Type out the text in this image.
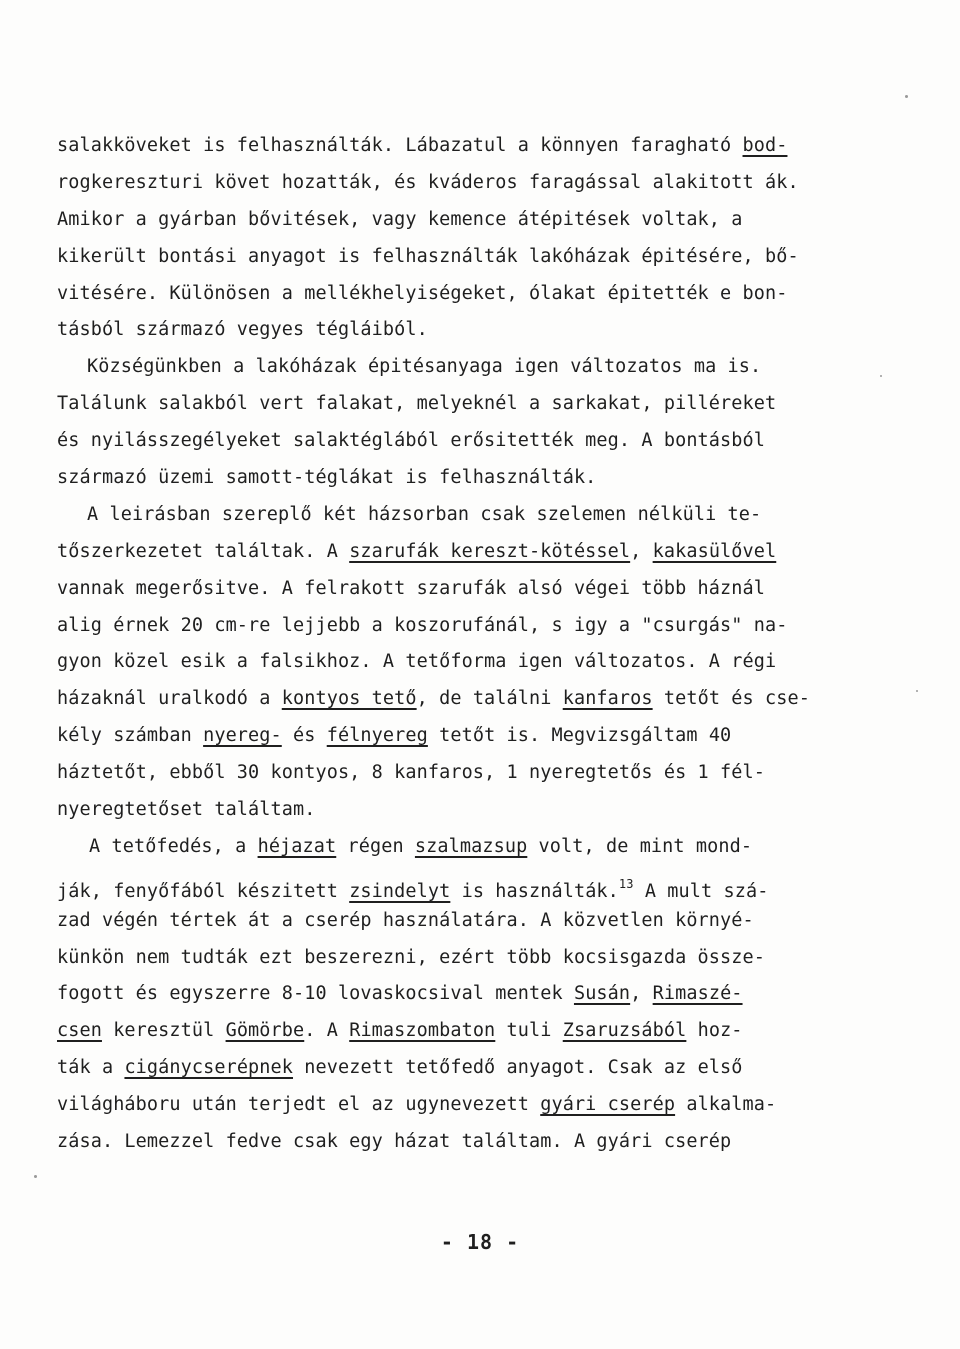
salakköveket is felhasználták. Lábazatul a könnyen faragható bod-
rogkereszturi követ hozatták, és kváderos faragással alakitott ák.
Amikor a gyárban bővitések, vagy kemence átépitések voltak, a
kikerült bontási anyagot is felhasználták lakóházak épitésére, bő-
vitésére. Különösen a mellékhelyiségeket, ólakat épitették e bon-
tásból származó vegyes tégláiból.
Községünkben a lakóházak épitésanyaga igen változatos ma is.
Találunk salakból vert falakat, melyeknél a sarkakat, pilléreket
és nyilásszegélyeket salaktéglából erősitették meg. A bontásból
származó üzemi samott-téglákat is felhasználták.
A leirásban szereplő két házsorban csak szelemen nélküli te-
tőszerkezetet találtak. A szarufák kereszt-kötéssel, kakasülővel
vannak megerősitve. A felrakott szarufák alsó végei több háznál
alig érnek 20 cm-re lejjebb a koszorufánál, s igy a "csurgás" na-
gyon közel esik a falsikhoz. A tetőforma igen változatos. A régi
házaknál uralkodó a kontyos tető, de találni kanfaros tetőt és cse-
kély számban nyereg- és félnyereg tetőt is. Megvizsgáltam 40
háztetőt, ebből 30 kontyos, 8 kanfaros, 1 nyeregtetős és 1 fél-
nyeregtetőset találtam.
A tetőfedés, a héjazat régen szalmazsup volt, de mint mond-
ják, fenyőfából készitett zsindelyt is használták.$^{13}$ A mult szá-
zad végén tértek át a cserép használatára. A közvetlen környé-
künkön nem tudták ezt beszerezni, ezért több kocsisgazda össze-
fogott és egyszerre 8-10 lovaskocsival mentek Susán, Rimaszé-
csen keresztül Gömörbe. A Rimaszombaton tuli Zsaruzsából hoz-
ták a cigánycserépnek nevezett tetőfedő anyagot. Csak az első
világháboru után terjedt el az ugynevezett gyári cserép alkalma-
zása. Lemezzel fedve csak egy házat találtam. A gyári cserép
- 18 -
